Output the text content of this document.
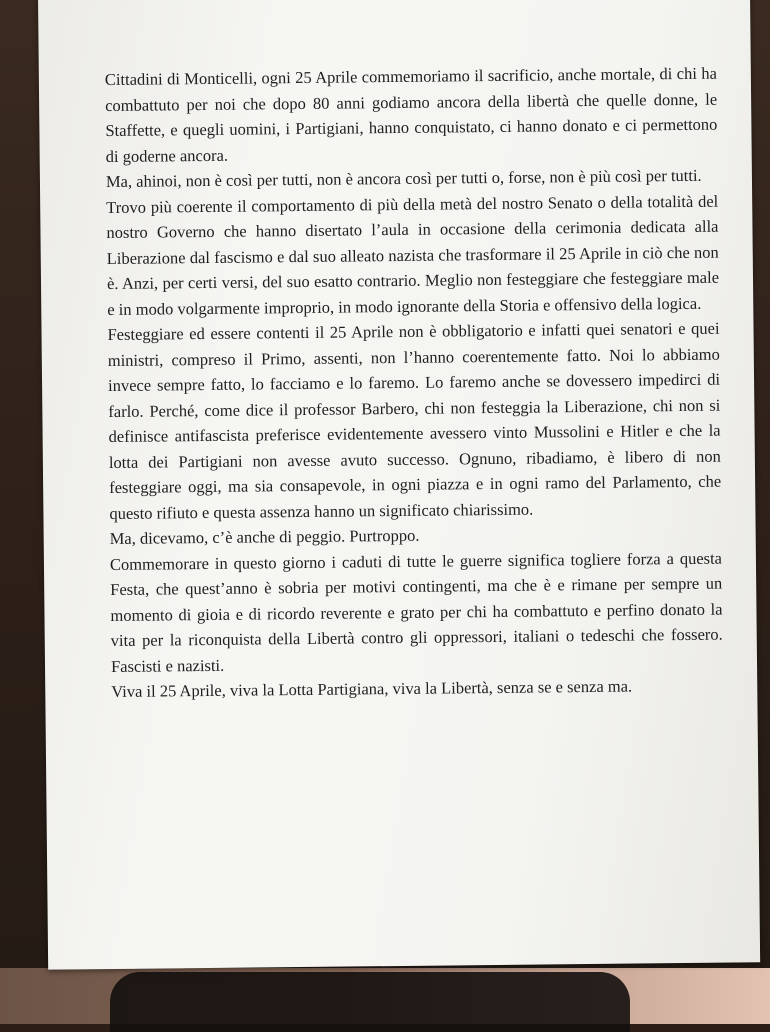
Cittadini di Monticelli, ogni 25 Aprile commemoriamo il sacrificio, anche mortale, di chi ha combattuto per noi che dopo 80 anni godiamo ancora della libertà che quelle donne, le Staffette, e quegli uomini, i Partigiani, hanno conquistato, ci hanno donato e ci permettono di goderne ancora.

Ma, ahinoi, non è così per tutti, non è ancora così per tutti o, forse, non è più così per tutti.

Trovo più coerente il comportamento di più della metà del nostro Senato o della totalità del nostro Governo che hanno disertato l’aula in occasione della cerimonia dedicata alla Liberazione dal fascismo e dal suo alleato nazista che trasformare il 25 Aprile in ciò che non è. Anzi, per certi versi, del suo esatto contrario. Meglio non festeggiare che festeggiare male e in modo volgarmente improprio, in modo ignorante della Storia e offensivo della logica.

Festeggiare ed essere contenti il 25 Aprile non è obbligatorio e infatti quei senatori e quei ministri, compreso il Primo, assenti, non l’hanno coerentemente fatto. Noi lo abbiamo invece sempre fatto, lo facciamo e lo faremo. Lo faremo anche se dovessero impedirci di farlo. Perché, come dice il professor Barbero, chi non festeggia la Liberazione, chi non si definisce antifascista preferisce evidentemente avessero vinto Mussolini e Hitler e che la lotta dei Partigiani non avesse avuto successo. Ognuno, ribadiamo, è libero di non festeggiare oggi, ma sia consapevole, in ogni piazza e in ogni ramo del Parlamento, che questo rifiuto e questa assenza hanno un significato chiarissimo.

Ma, dicevamo, c’è anche di peggio. Purtroppo.

Commemorare in questo giorno i caduti di tutte le guerre significa togliere forza a questa Festa, che quest’anno è sobria per motivi contingenti, ma che è e rimane per sempre un momento di gioia e di ricordo reverente e grato per chi ha combattuto e perfino donato la vita per la riconquista della Libertà contro gli oppressori, italiani o tedeschi che fossero. Fascisti e nazisti.

Viva il 25 Aprile, viva la Lotta Partigiana, viva la Libertà, senza se e senza ma.
